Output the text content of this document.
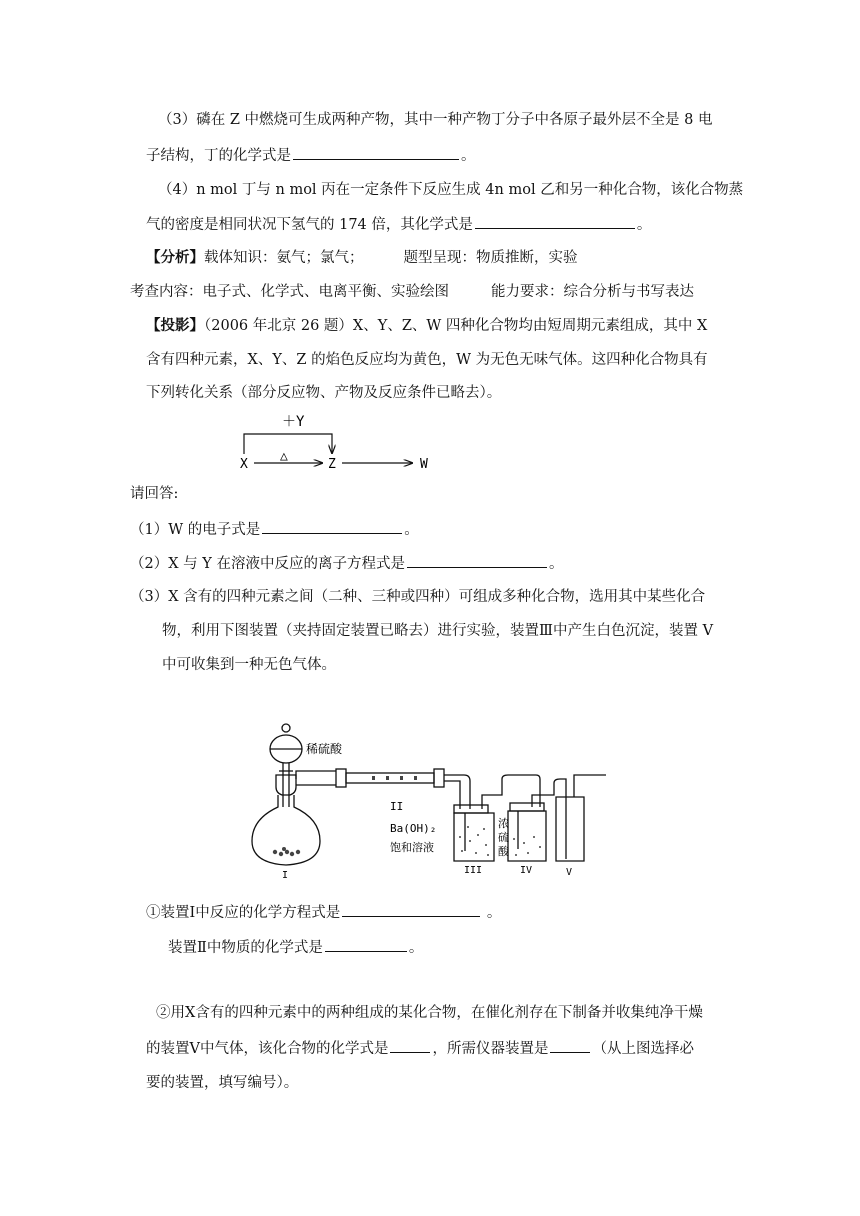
（3）磷在 Z 中燃烧可生成两种产物，其中一种产物丁分子中各原子最外层不全是 8 电
子结构，丁的化学式是	。
（4）n mol 丁与 n mol 丙在一定条件下反应生成 4n mol 乙和另一种化合物，该化合物蒸
气的密度是相同状况下氢气的 174 倍，其化学式是	。
【分析】载体知识：氨气；氯气；	题型呈现：物质推断，实验
考查内容：电子式、化学式、电离平衡、实验绘图	能力要求：综合分析与书写表达
【投影】（2006 年北京 26 题）X、Y、Z、W 四种化合物均由短周期元素组成，其中 X
含有四种元素，X、Y、Z 的焰色反应均为黄色，W 为无色无味气体。这四种化合物具有
下列转化关系（部分反应物、产物及反应条件已略去）。
＋Y
X
△
Z	W
请回答:
（1）W 的电子式是	。
（2）X 与 Y 在溶液中反应的离子方程式是	。
（3）X 含有的四种元素之间（二种、三种或四种）可组成多种化合物，选用其中某些化合
物，利用下图装置（夹持固定装置已略去）进行实验，装置Ⅲ中产生白色沉淀，装置 V
中可收集到一种无色气体。
稀硫酸
II
Ba(OH)₂
饱和溶液
浓
硫
酸
I	III	IV	V
①装置Ⅰ中反应的化学方程式是	。
装置Ⅱ中物质的化学式是	。
②用Ⅹ含有的四种元素中的两种组成的某化合物，在催化剂存在下制备并收集纯净干燥
的装置Ⅴ中气体，该化合物的化学式是	，所需仪器装置是	（从上图选择必
要的装置，填写编号）。
